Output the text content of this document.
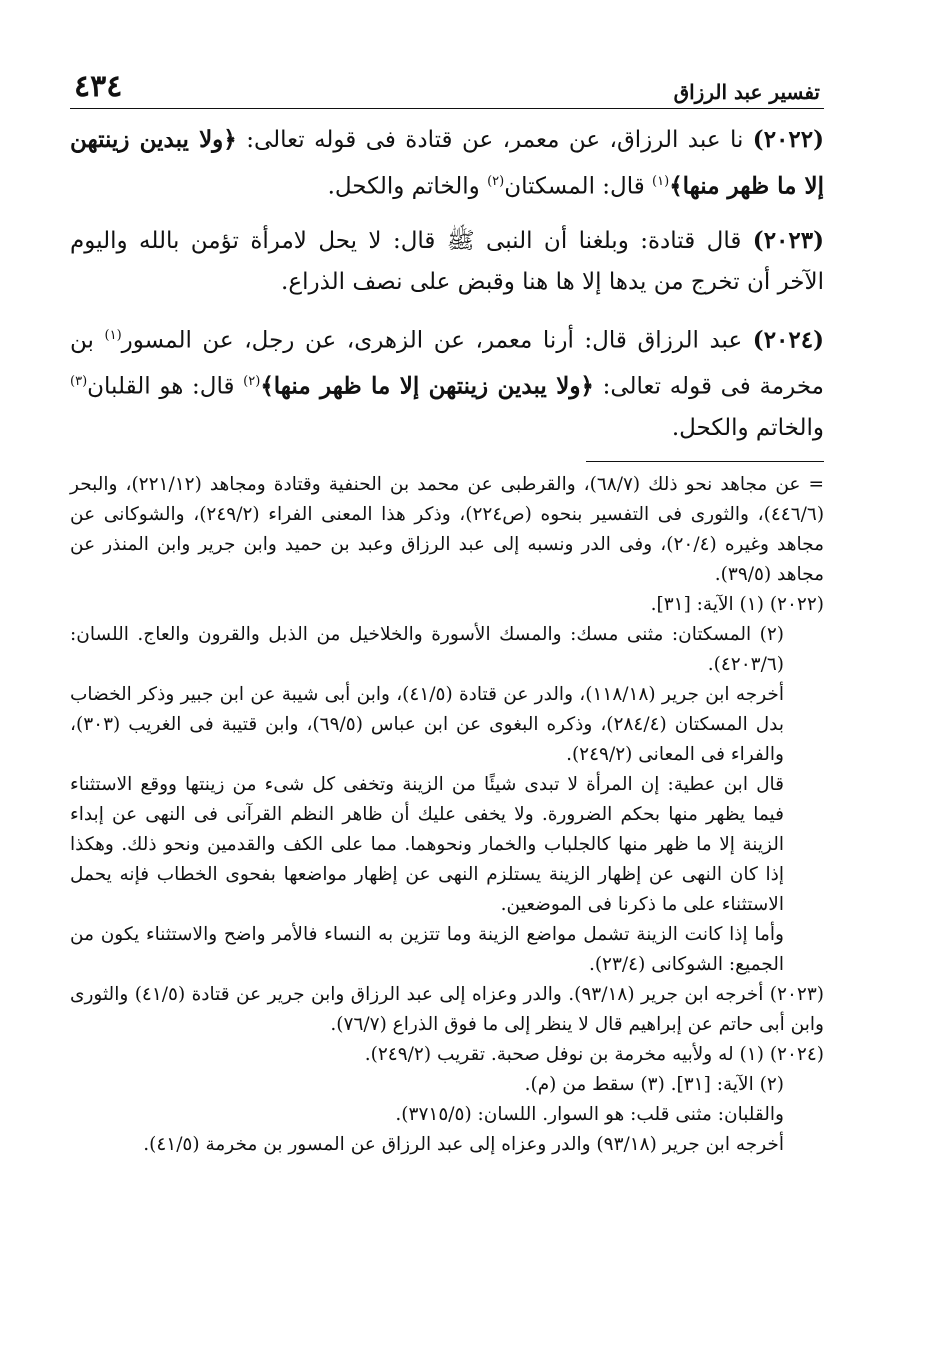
تفسير عبد الرزاق
٤٣٤

(٢٠٢٢) نا عبد الرزاق، عن معمر، عن قتادة فى قوله تعالى: ﴿ولا يبدين زينتهن إلا ما ظهر منها﴾$^{(١)}$ قال: المسكتان$^{(٢)}$ والخاتم والكحل.

(٢٠٢٣) قال قتادة: وبلغنا أن النبى ﷺ قال: لا يحل لامرأة تؤمن بالله واليوم الآخر أن تخرج من يدها إلا ها هنا وقبض على نصف الذراع.

(٢٠٢٤) عبد الرزاق قال: أرنا معمر، عن الزهرى، عن رجل، عن المسور$^{(١)}$ بن مخرمة فى قوله تعالى: ﴿ولا يبدين زينتهن إلا ما ظهر منها﴾$^{(٢)}$ قال: هو القلبان$^{(٣)}$ والخاتم والكحل.

= عن مجاهد نحو ذلك (٦٨/٧)، والقرطبى عن محمد بن الحنفية وقتادة ومجاهد (٢٢١/١٢)، والبحر (٤٤٦/٦)، والثورى فى التفسير بنحوه (ص٢٢٤)، وذكر هذا المعنى الفراء (٢٤٩/٢)، والشوكانى عن مجاهد وغيره (٢٠/٤)، وفى الدر ونسبه إلى عبد الرزاق وعبد بن حميد وابن جرير وابن المنذر عن مجاهد (٣٩/٥).

(٢٠٢٢) (١) الآية: [٣١].

(٢) المسكتان: مثنى مسك: والمسك الأسورة والخلاخيل من الذبل والقرون والعاج. اللسان: (٤٢٠٣/٦).

أخرجه ابن جرير (١١٨/١٨)، والدر عن قتادة (٤١/٥)، وابن أبى شيبة عن ابن جبير وذكر الخضاب بدل المسكتان (٢٨٤/٤)، وذكره البغوى عن ابن عباس (٦٩/٥)، وابن قتيبة فى الغريب (٣٠٣)، والفراء فى المعانى (٢٤٩/٢).

قال ابن عطية: إن المرأة لا تبدى شيئًا من الزينة وتخفى كل شىء من زينتها ووقع الاستثناء فيما يظهر منها بحكم الضرورة. ولا يخفى عليك أن ظاهر النظم القرآنى فى النهى عن إبداء الزينة إلا ما ظهر منها كالجلباب والخمار ونحوهما. مما على الكف والقدمين ونحو ذلك. وهكذا إذا كان النهى عن إظهار الزينة يستلزم النهى عن إظهار مواضعها بفحوى الخطاب فإنه يحمل الاستثناء على ما ذكرنا فى الموضعين.

وأما إذا كانت الزينة تشمل مواضع الزينة وما تتزين به النساء فالأمر واضح والاستثناء يكون من الجميع: الشوكانى (٢٣/٤).

(٢٠٢٣) أخرجه ابن جرير (٩٣/١٨). والدر وعزاه إلى عبد الرزاق وابن جرير عن قتادة (٤١/٥) والثورى وابن أبى حاتم عن إبراهيم قال لا ينظر إلى ما فوق الذراع (٧٦/٧).

(٢٠٢٤) (١) له ولأبيه مخرمة بن نوفل صحبة. تقريب (٢٤٩/٢).

(٢) الآية: [٣١]. (٣) سقط من (م).

والقلبان: مثنى قلب: هو السوار. اللسان: (٣٧١٥/٥).

أخرجه ابن جرير (٩٣/١٨) والدر وعزاه إلى عبد الرزاق عن المسور بن مخرمة (٤١/٥).
